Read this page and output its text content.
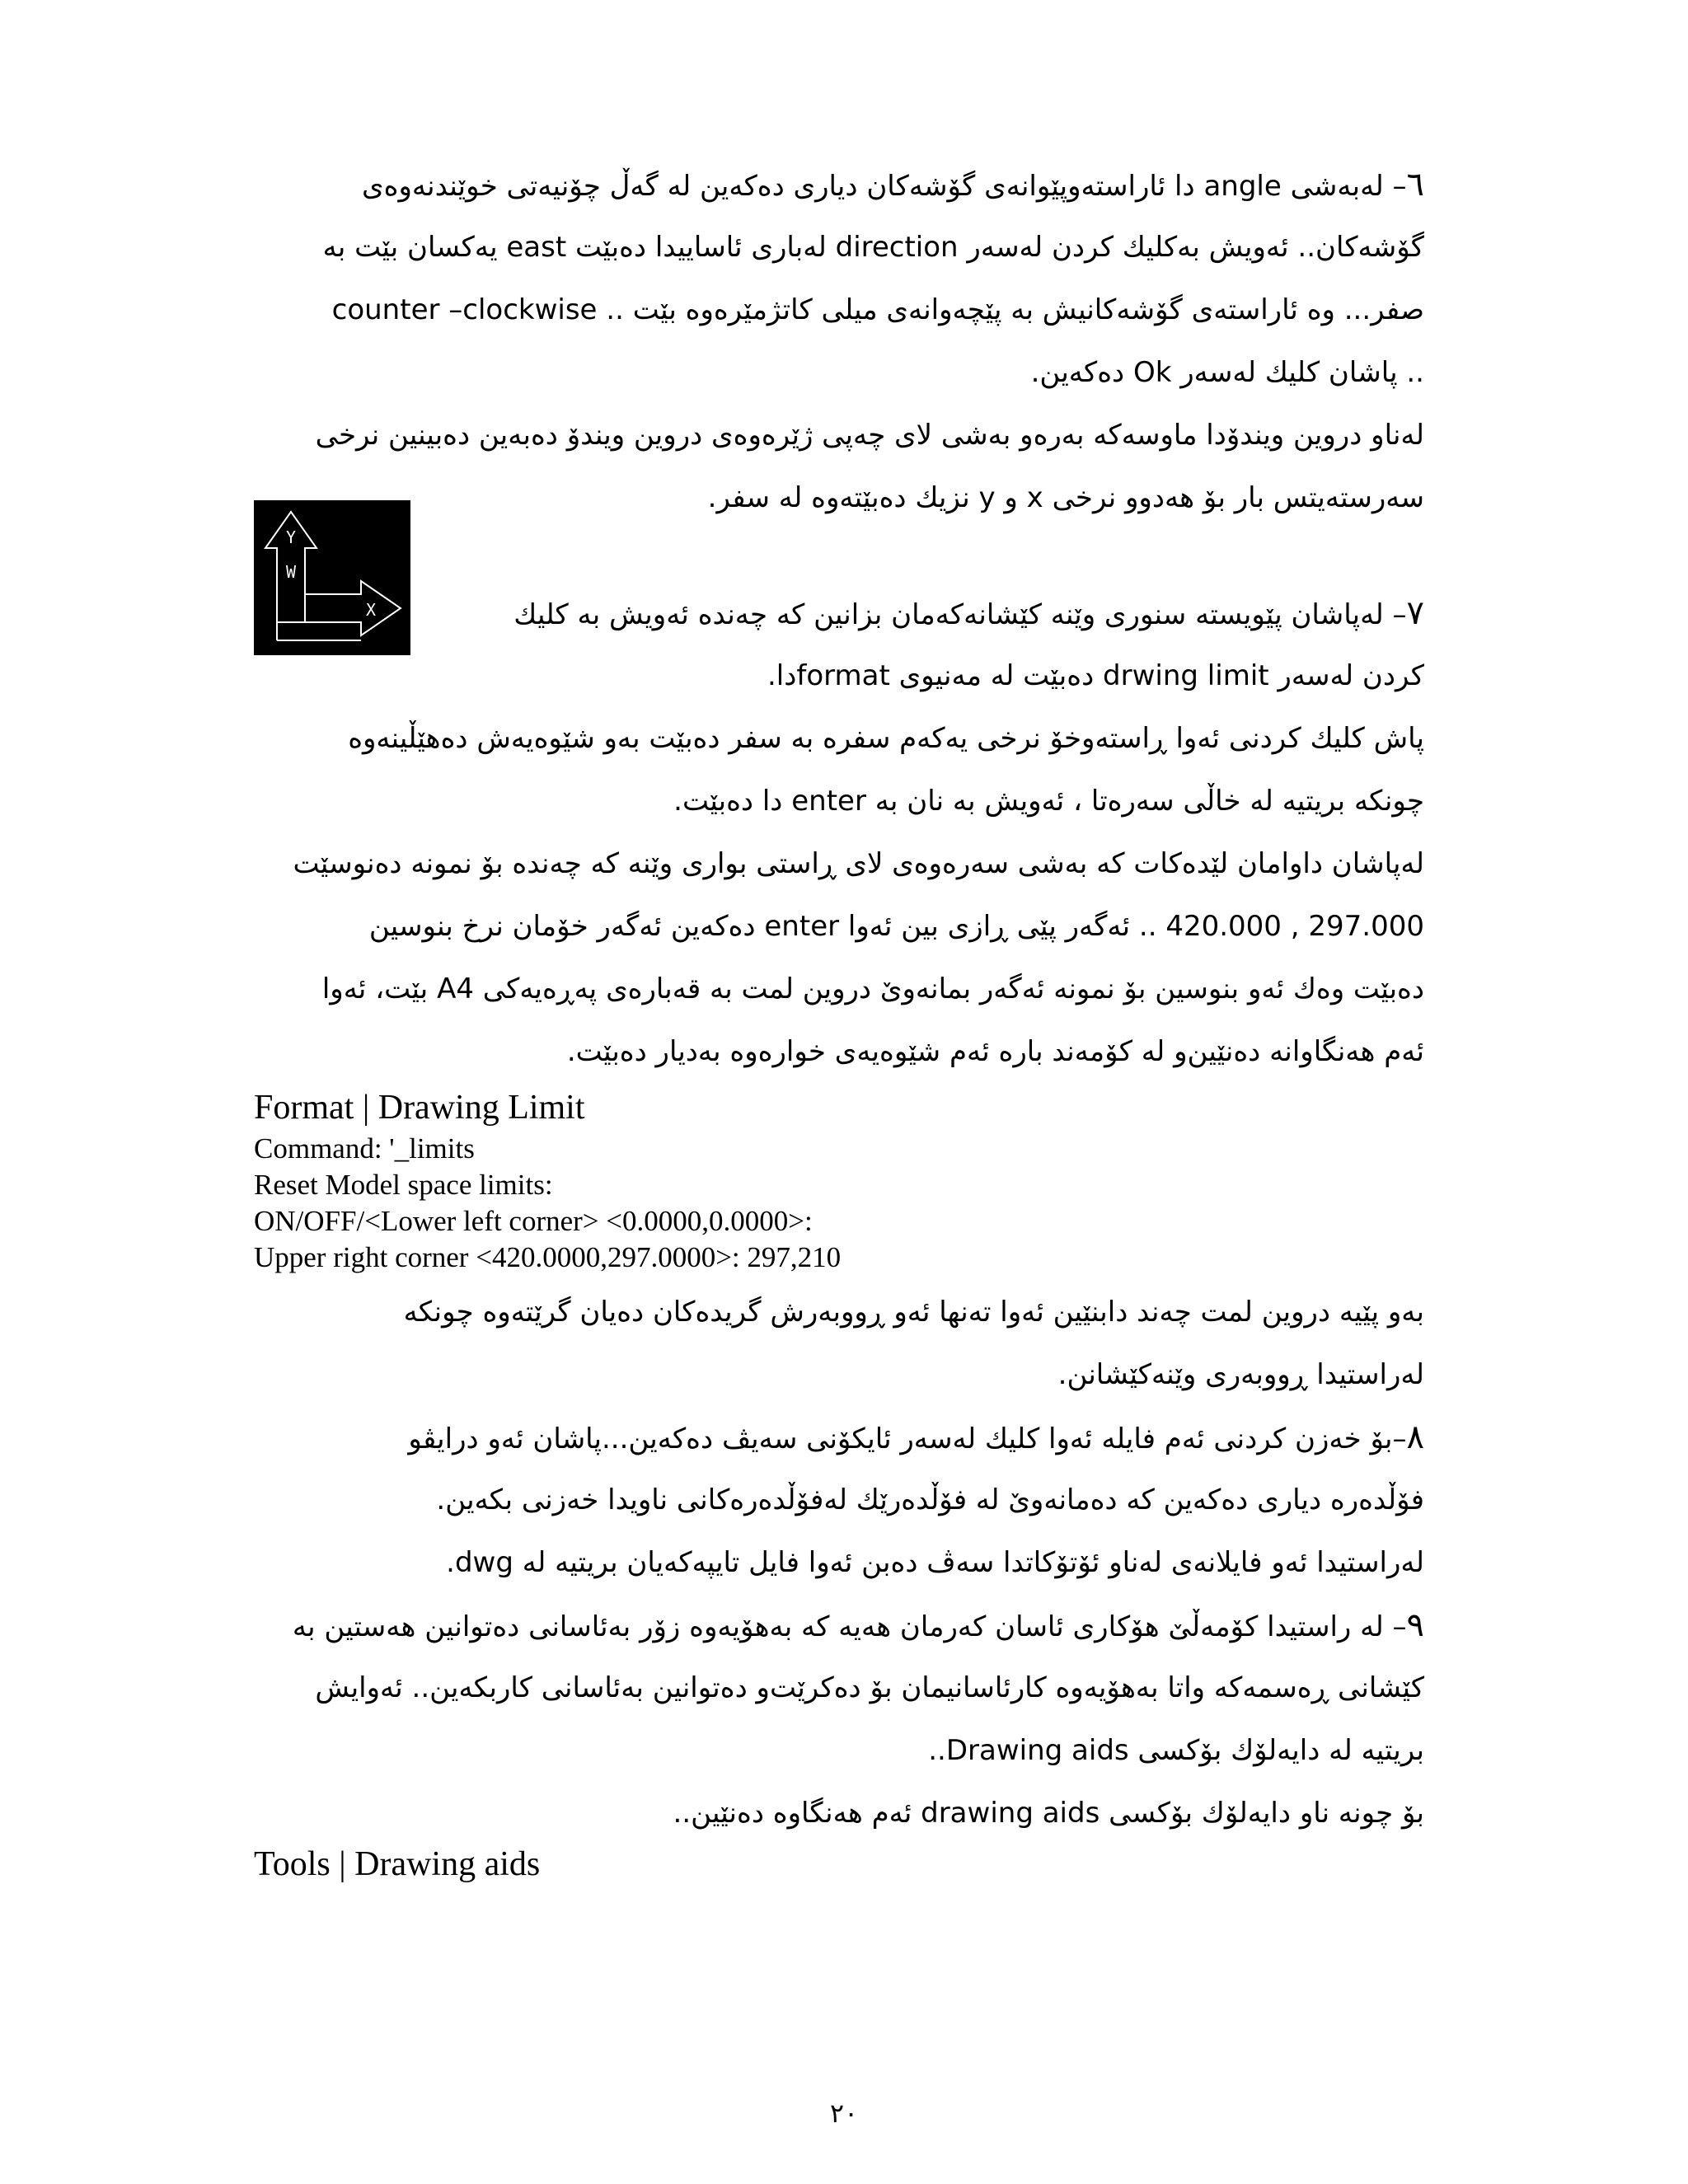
٦– لەبەشی angle دا ئاراستەوپێوانەی گۆشەکان دیاری دەکەین لە گەڵ چۆنیەتی خوێندنەوەی

گۆشەکان.. ئەویش بەکلیك کردن لەسەر direction لەباری ئاساییدا دەبێت east یەکسان بێت بە

صفر... وە ئاراستەی گۆشەکانیش بە پێچەوانەی میلی کاتژمێرەوە بێت .. counter –clockwise

.. پاشان کلیك لەسەر Ok دەکەین.

لەناو دروین ویندۆدا ماوسەکە بەرەو بەشی لای چەپی ژێرەوەی دروین ویندۆ دەبەین دەبینین نرخی

سەرستەیتس بار بۆ هەدوو نرخی x و y نزیك دەبێتەوە لە سفر.

Y
W
X	٧– لەپاشان پێویستە سنوری وێنە کێشانەکەمان بزانین کە چەندە ئەویش بە کلیك

کردن لەسەر drwing limit دەبێت لە مەنیوی formatدا.

پاش کلیك کردنی ئەوا ڕاستەوخۆ نرخی یەکەم سفرە بە سفر دەبێت بەو شێوەیەش دەهێڵینەوە

چونکە بریتیە لە خاڵی سەرەتا ، ئەویش بە نان بە enter دا دەبێت.

لەپاشان داوامان لێدەکات کە بەشی سەرەوەی لای ڕاستی بواری وێنە کە چەندە بۆ نمونە دەنوسێت

297.000 , 420.000 .. ئەگەر پێی ڕازی بین ئەوا enter دەکەین ئەگەر خۆمان نرخ بنوسین

دەبێت وەك ئەو بنوسین بۆ نمونە ئەگەر بمانەوێ دروین لمت بە قەبارەی پەڕەیەکی A4 بێت، ئەوا

ئەم هەنگاوانە دەنێین‌و لە کۆمەند بارە ئەم شێوەیەی خوارەوە بەدیار دەبێت.

Format | Drawing Limit
Command: '_limits
Reset Model space limits:
ON/OFF/<Lower left corner> <0.0000,0.0000>:
Upper right corner <420.0000,297.0000>: 297,210

بەو پێیە دروین لمت چەند دابنێین ئەوا تەنها ئەو ڕووبەرش گریدەکان دەیان گرێتەوە چونکە

لەراستیدا ڕووبەری وێنەکێشانن.

٨–بۆ خەزن کردنی ئەم فایلە ئەوا کلیك لەسەر ئایکۆنی سەیڤ دەکەین...پاشان ئەو درایڤو

فۆڵدەرە دیاری دەکەین کە دەمانەوێ لە فۆڵدەرێك لەفۆڵدەرەکانی ناویدا خەزنی بکەین.

لەراستیدا ئەو فایلانەی لەناو ئۆتۆکاتدا سەڤ دەبن ئەوا فایل تایپەکەیان بریتیە لە dwg.

٩– لە راستیدا کۆمەڵێ هۆکاری ئاسان کەرمان هەیە کە بەهۆیەوە زۆر بەئاسانی دەتوانین هەستین بە

کێشانی ڕەسمەکە واتا بەهۆیەوە کارئاسانیمان بۆ دەکرێت‌و دەتوانین بەئاسانی کاربکەین.. ئەوایش

بریتیە لە دایەلۆك بۆکسی Drawing aids..

بۆ چونە ناو دایەلۆك بۆکسی drawing aids ئەم هەنگاوە دەنێین..

Tools | Drawing aids
٢٠
